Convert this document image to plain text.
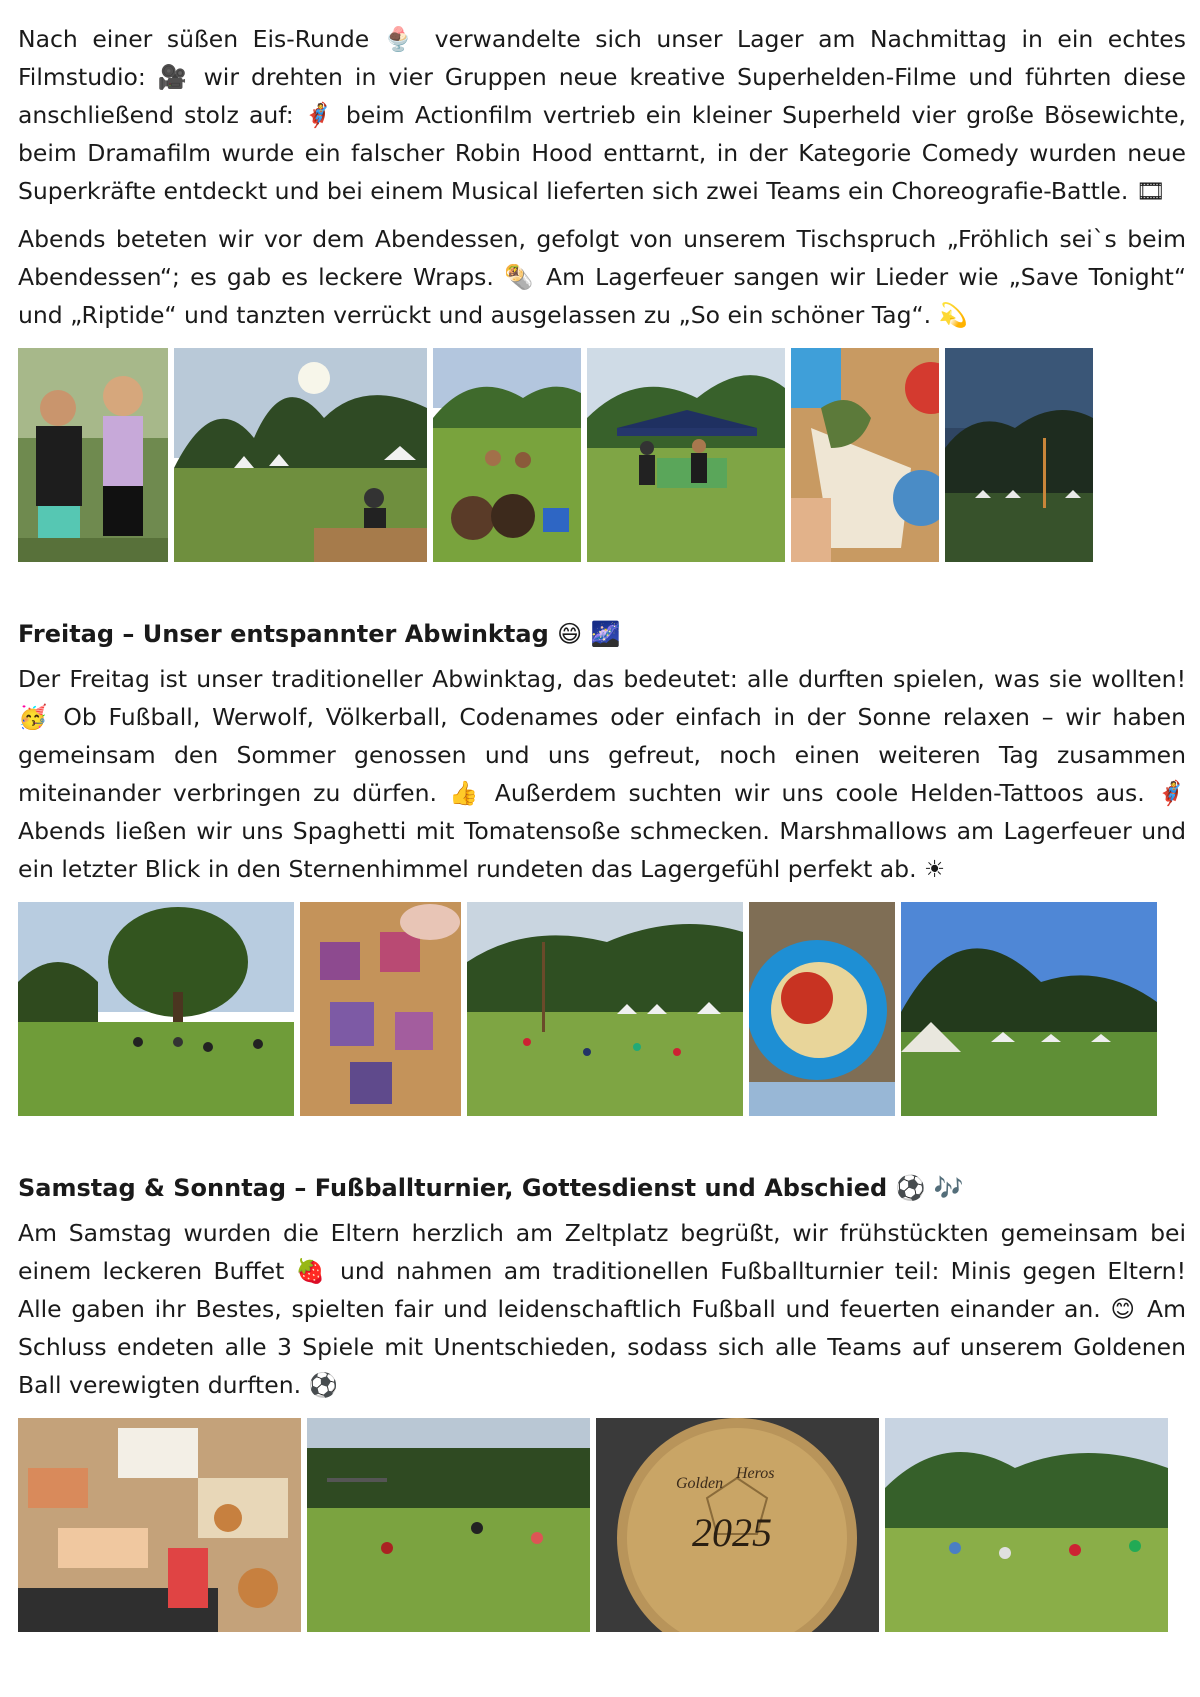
Nach einer süßen Eis-Runde 🍨 verwandelte sich unser Lager am Nachmittag in ein echtes Filmstudio: 🎥 wir drehten in vier Gruppen neue kreative Superhelden-Filme und führten diese anschließend stolz auf: 🦸 beim Actionfilm vertrieb ein kleiner Superheld vier große Bösewichte, beim Dramafilm wurde ein falscher Robin Hood enttarnt, in der Kategorie Comedy wurden neue Superkräfte entdeckt und bei einem Musical lieferten sich zwei Teams ein Choreografie-Battle. 🎞

Abends beteten wir vor dem Abendessen, gefolgt von unserem Tischspruch „Fröhlich sei`s beim Abendessen“; es gab es leckere Wraps. 🌯 Am Lagerfeuer sangen wir Lieder wie „Save Tonight“ und „Riptide“ und tanzten verrückt und ausgelassen zu „So ein schöner Tag“. 💫

Freitag – Unser entspannter Abwinktag 😄 🌌

Der Freitag ist unser traditioneller Abwinktag, das bedeutet: alle durften spielen, was sie wollten! 🥳 Ob Fußball, Werwolf, Völkerball, Codenames oder einfach in der Sonne relaxen – wir haben gemeinsam den Sommer genossen und uns gefreut, noch einen weiteren Tag zusammen miteinander verbringen zu dürfen. 👍 Außerdem suchten wir uns coole Helden-Tattoos aus. 🦸 Abends ließen wir uns Spaghetti mit Tomatensoße schmecken. Marshmallows am Lagerfeuer und ein letzter Blick in den Sternenhimmel rundeten das Lagergefühl perfekt ab. ☀

Samstag & Sonntag – Fußballturnier, Gottesdienst und Abschied ⚽ 🎶

Am Samstag wurden die Eltern herzlich am Zeltplatz begrüßt, wir frühstückten gemeinsam bei einem leckeren Buffet 🍓 und nahmen am traditionellen Fußballturnier teil: Minis gegen Eltern! Alle gaben ihr Bestes, spielten fair und leidenschaftlich Fußball und feuerten einander an. 😊 Am Schluss endeten alle 3 Spiele mit Unentschieden, sodass sich alle Teams auf unserem Goldenen Ball verewigten durften. ⚽

Golden
Heros
2025
